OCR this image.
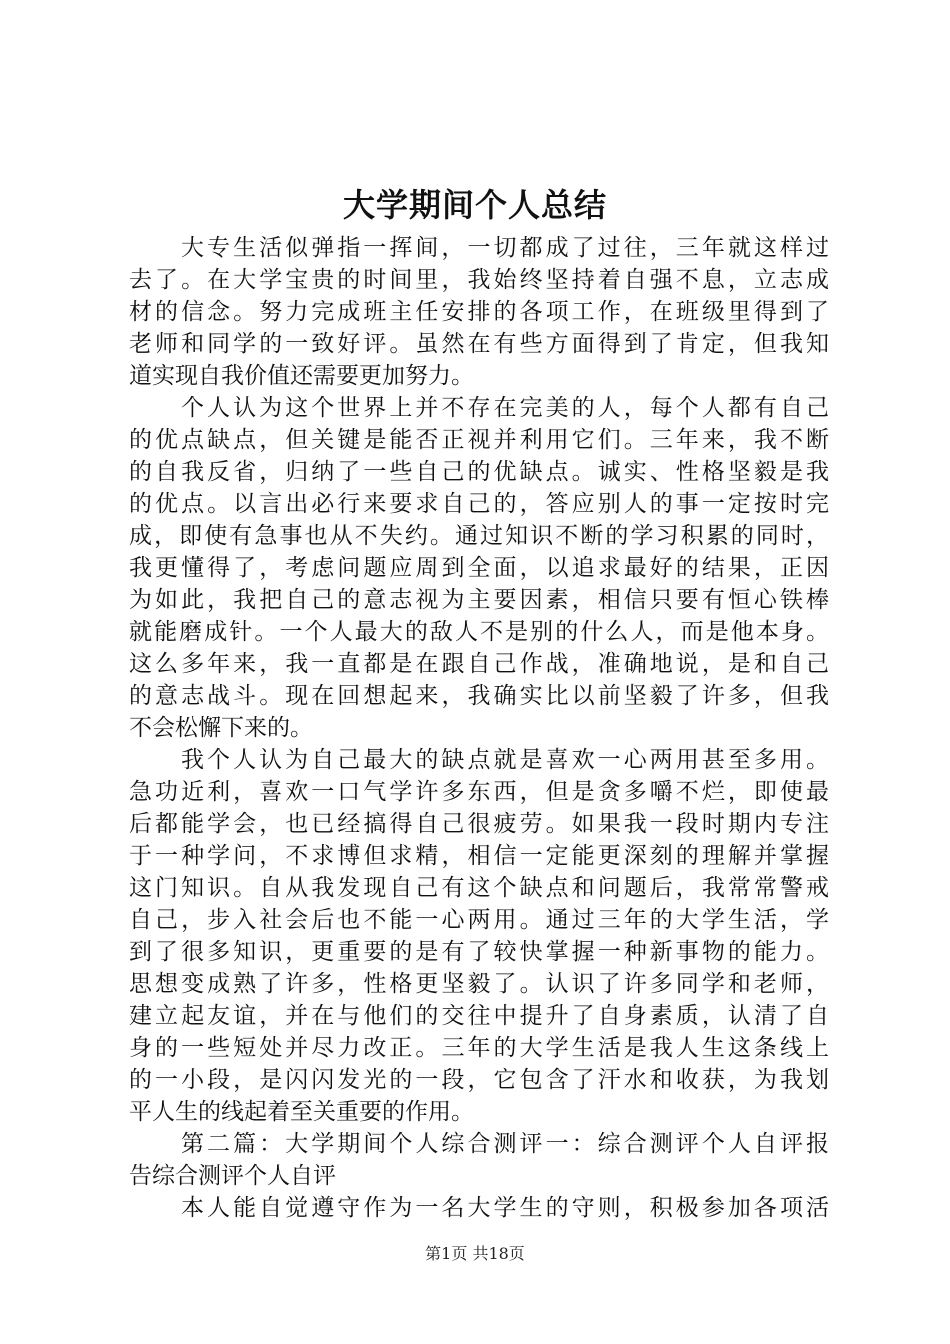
大学期间个人总结
大专生活似弹指一挥间，一切都成了过往，三年就这样过
去了。在大学宝贵的时间里，我始终坚持着自强不息，立志成
材的信念。努力完成班主任安排的各项工作，在班级里得到了
老师和同学的一致好评。虽然在有些方面得到了肯定，但我知
道实现自我价值还需要更加努力。
个人认为这个世界上并不存在完美的人，每个人都有自己
的优点缺点，但关键是能否正视并利用它们。三年来，我不断
的自我反省，归纳了一些自己的优缺点。诚实、性格坚毅是我
的优点。以言出必行来要求自己的，答应别人的事一定按时完
成，即使有急事也从不失约。通过知识不断的学习积累的同时，
我更懂得了，考虑问题应周到全面，以追求最好的结果，正因
为如此，我把自己的意志视为主要因素，相信只要有恒心铁棒
就能磨成针。一个人最大的敌人不是别的什么人，而是他本身。
这么多年来，我一直都是在跟自己作战，准确地说，是和自己
的意志战斗。现在回想起来，我确实比以前坚毅了许多，但我
不会松懈下来的。
我个人认为自己最大的缺点就是喜欢一心两用甚至多用。
急功近利，喜欢一口气学许多东西，但是贪多嚼不烂，即使最
后都能学会，也已经搞得自己很疲劳。如果我一段时期内专注
于一种学问，不求博但求精，相信一定能更深刻的理解并掌握
这门知识。自从我发现自己有这个缺点和问题后，我常常警戒
自己，步入社会后也不能一心两用。通过三年的大学生活，学
到了很多知识，更重要的是有了较快掌握一种新事物的能力。
思想变成熟了许多，性格更坚毅了。认识了许多同学和老师，
建立起友谊，并在与他们的交往中提升了自身素质，认清了自
身的一些短处并尽力改正。三年的大学生活是我人生这条线上
的一小段，是闪闪发光的一段，它包含了汗水和收获，为我划
平人生的线起着至关重要的作用。
第二篇：大学期间个人综合测评一：综合测评个人自评报
告综合测评个人自评
本人能自觉遵守作为一名大学生的守则，积极参加各项活
第1页 共18页
